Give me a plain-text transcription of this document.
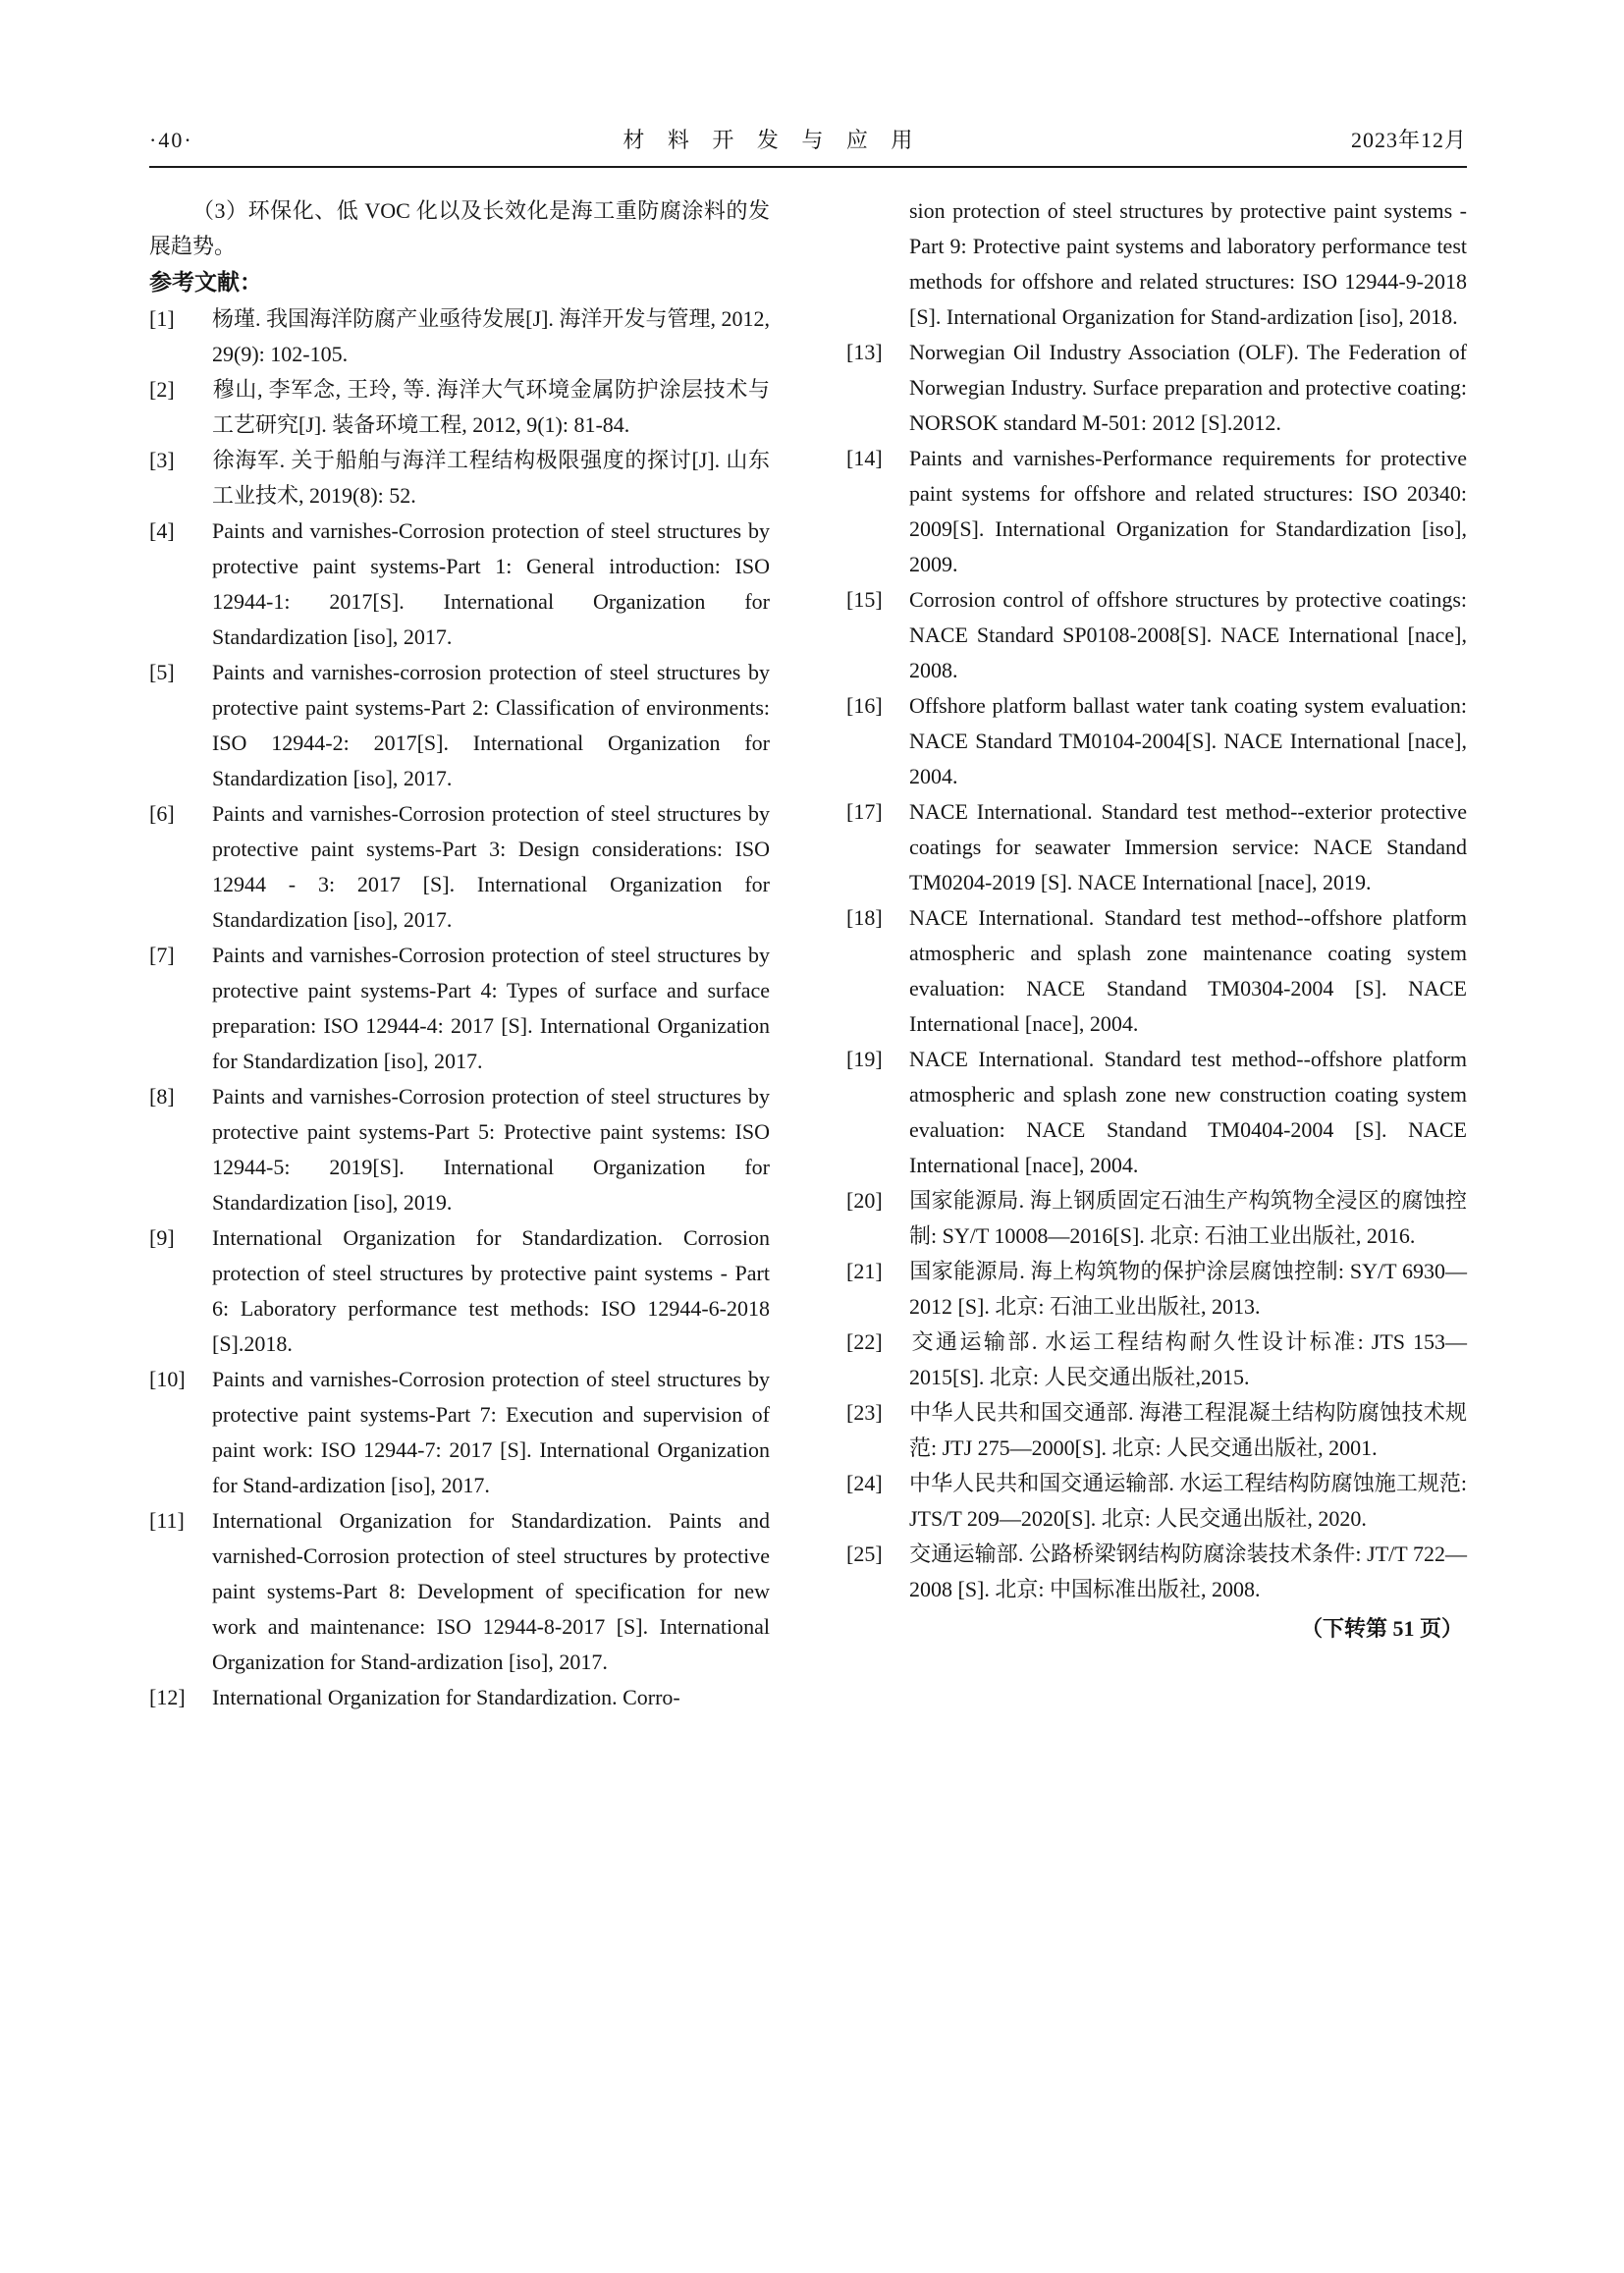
·40·	材 料 开 发 与 应 用	2023年12月

（3）环保化、低 VOC 化以及长效化是海工重防腐涂料的发展趋势。

参考文献：

[1] 杨瑾. 我国海洋防腐产业亟待发展[J]. 海洋开发与管理, 2012, 29(9): 102-105.

[2] 穆山, 李军念, 王玲, 等. 海洋大气环境金属防护涂层技术与工艺研究[J]. 装备环境工程, 2012, 9(1): 81-84.

[3] 徐海军. 关于船舶与海洋工程结构极限强度的探讨[J]. 山东工业技术, 2019(8): 52.

[4] Paints and varnishes-Corrosion protection of steel structures by protective paint systems-Part 1: General introduction: ISO 12944-1: 2017[S]. International Organization for Standardization [iso], 2017.

[5] Paints and varnishes-corrosion protection of steel structures by protective paint systems-Part 2: Classification of environments: ISO 12944-2: 2017[S]. International Organization for Standardization [iso], 2017.

[6] Paints and varnishes-Corrosion protection of steel structures by protective paint systems-Part 3: Design considerations: ISO 12944 - 3: 2017 [S]. International Organization for Standardization [iso], 2017.

[7] Paints and varnishes-Corrosion protection of steel structures by protective paint systems-Part 4: Types of surface and surface preparation: ISO 12944-4: 2017 [S]. International Organization for Standardization [iso], 2017.

[8] Paints and varnishes-Corrosion protection of steel structures by protective paint systems-Part 5: Protective paint systems: ISO 12944-5: 2019[S]. International Organization for Standardization [iso], 2019.

[9] International Organization for Standardization. Corrosion protection of steel structures by protective paint systems - Part 6: Laboratory performance test methods: ISO 12944-6-2018 [S].2018.

[10] Paints and varnishes-Corrosion protection of steel structures by protective paint systems-Part 7: Execution and supervision of paint work: ISO 12944-7: 2017 [S]. International Organization for Stand-ardization [iso], 2017.

[11] International Organization for Standardization. Paints and varnished-Corrosion protection of steel structures by protective paint systems-Part 8: Development of specification for new work and maintenance: ISO 12944-8-2017 [S]. International Organization for Stand-ardization [iso], 2017.

[12] International Organization for Standardization. Corro-

sion protection of steel structures by protective paint systems - Part 9: Protective paint systems and laboratory performance test methods for offshore and related structures: ISO 12944-9-2018 [S]. International Organization for Stand-ardization [iso], 2018.

[13] Norwegian Oil Industry Association (OLF). The Federation of Norwegian Industry. Surface preparation and protective coating: NORSOK standard M-501: 2012 [S].2012.

[14] Paints and varnishes-Performance requirements for protective paint systems for offshore and related structures: ISO 20340: 2009[S]. International Organization for Standardization [iso], 2009.

[15] Corrosion control of offshore structures by protective coatings: NACE Standard SP0108-2008[S]. NACE International [nace], 2008.

[16] Offshore platform ballast water tank coating system evaluation: NACE Standard TM0104-2004[S]. NACE International [nace], 2004.

[17] NACE International. Standard test method--exterior protective coatings for seawater Immersion service: NACE Standand TM0204-2019 [S]. NACE International [nace], 2019.

[18] NACE International. Standard test method--offshore platform atmospheric and splash zone maintenance coating system evaluation: NACE Standand TM0304-2004 [S]. NACE International [nace], 2004.

[19] NACE International. Standard test method--offshore platform atmospheric and splash zone new construction coating system evaluation: NACE Standand TM0404-2004 [S]. NACE International [nace], 2004.

[20] 国家能源局. 海上钢质固定石油生产构筑物全浸区的腐蚀控制: SY/T 10008—2016[S]. 北京: 石油工业出版社, 2016.

[21] 国家能源局. 海上构筑物的保护涂层腐蚀控制: SY/T 6930—2012 [S]. 北京: 石油工业出版社, 2013.

[22] 交通运输部. 水运工程结构耐久性设计标准: JTS 153—2015[S]. 北京: 人民交通出版社,2015.

[23] 中华人民共和国交通部. 海港工程混凝土结构防腐蚀技术规范: JTJ 275—2000[S]. 北京: 人民交通出版社, 2001.

[24] 中华人民共和国交通运输部. 水运工程结构防腐蚀施工规范: JTS/T 209—2020[S]. 北京: 人民交通出版社, 2020.

[25] 交通运输部. 公路桥梁钢结构防腐涂装技术条件: JT/T 722—2008 [S]. 北京: 中国标准出版社, 2008.

（下转第 51 页）
